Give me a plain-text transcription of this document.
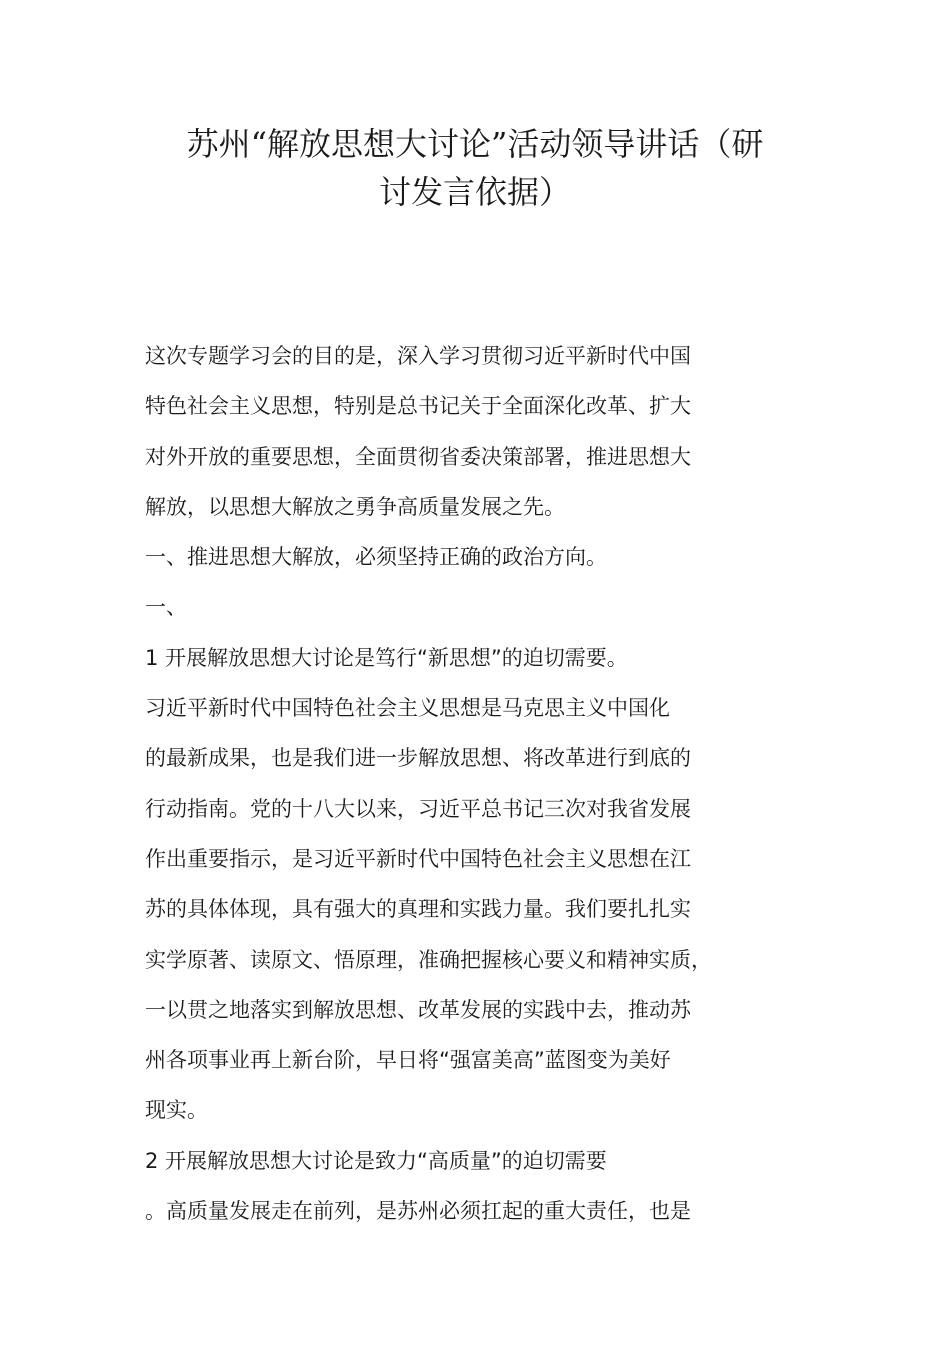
苏州“解放思想大讨论”活动领导讲话（研
讨发言依据）
这次专题学习会的目的是，深入学习贯彻习近平新时代中国
特色社会主义思想，特别是总书记关于全面深化改革、扩大
对外开放的重要思想，全面贯彻省委决策部署，推进思想大
解放，以思想大解放之勇争高质量发展之先。
一、推进思想大解放，必须坚持正确的政治方向。
一、
1 开展解放思想大讨论是笃行“新思想”的迫切需要。
习近平新时代中国特色社会主义思想是马克思主义中国化
的最新成果，也是我们进一步解放思想、将改革进行到底的
行动指南。党的十八大以来，习近平总书记三次对我省发展
作出重要指示，是习近平新时代中国特色社会主义思想在江
苏的具体体现，具有强大的真理和实践力量。我们要扎扎实
实学原著、读原文、悟原理，准确把握核心要义和精神实质，
一以贯之地落实到解放思想、改革发展的实践中去，推动苏
州各项事业再上新台阶，早日将“强富美高”蓝图变为美好
现实。
2 开展解放思想大讨论是致力“高质量”的迫切需要
。高质量发展走在前列，是苏州必须扛起的重大责任，也是
